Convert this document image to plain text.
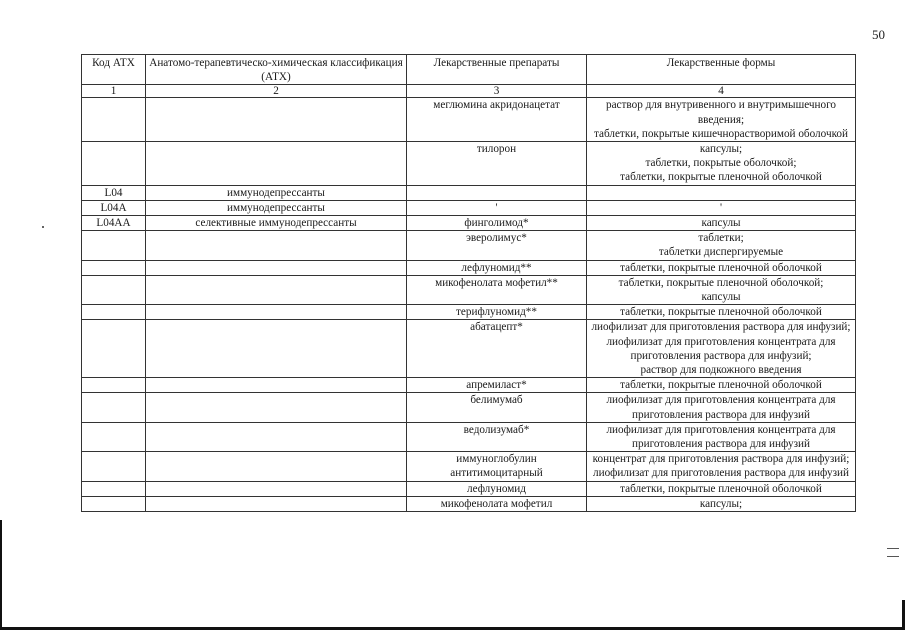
50
Код АТХ	Анатомо-терапевтическо-химическая классификация (АТХ)	Лекарственные препараты	Лекарственные формы
1	2	3	4
		меглюмина акридонацетат	раствор для внутривенного и внутримышечного введения;
таблетки, покрытые кишечнорастворимой оболочкой

		тилорон	капсулы;
таблетки, покрытые оболочкой;
таблетки, покрытые пленочной оболочкой

L04	иммунодепрессанты		

L04A	иммунодепрессанты	'	'

L04AA	селективные иммунодепрессанты	финголимод*	капсулы

		эверолимус*	таблетки;
таблетки диспергируемые

		лефлуномид**	таблетки, покрытые пленочной оболочкой

		микофенолата мофетил**	таблетки, покрытые пленочной оболочкой;
капсулы

		терифлуномид**	таблетки, покрытые пленочной оболочкой

		абатацепт*	лиофилизат для приготовления раствора для инфузий;
лиофилизат для приготовления концентрата для приготовления раствора для инфузий;
раствор для подкожного введения

		апремиласт*	таблетки, покрытые пленочной оболочкой

		белимумаб	лиофилизат для приготовления концентрата для приготовления раствора для инфузий

		ведолизумаб*	лиофилизат для приготовления концентрата для приготовления раствора для инфузий

		иммуноглобулин антитимоцитарный	концентрат для приготовления раствора для инфузий;
лиофилизат для приготовления раствора для инфузий

		лефлуномид	таблетки, покрытые пленочной оболочкой

		микофенолата мофетил	капсулы;
